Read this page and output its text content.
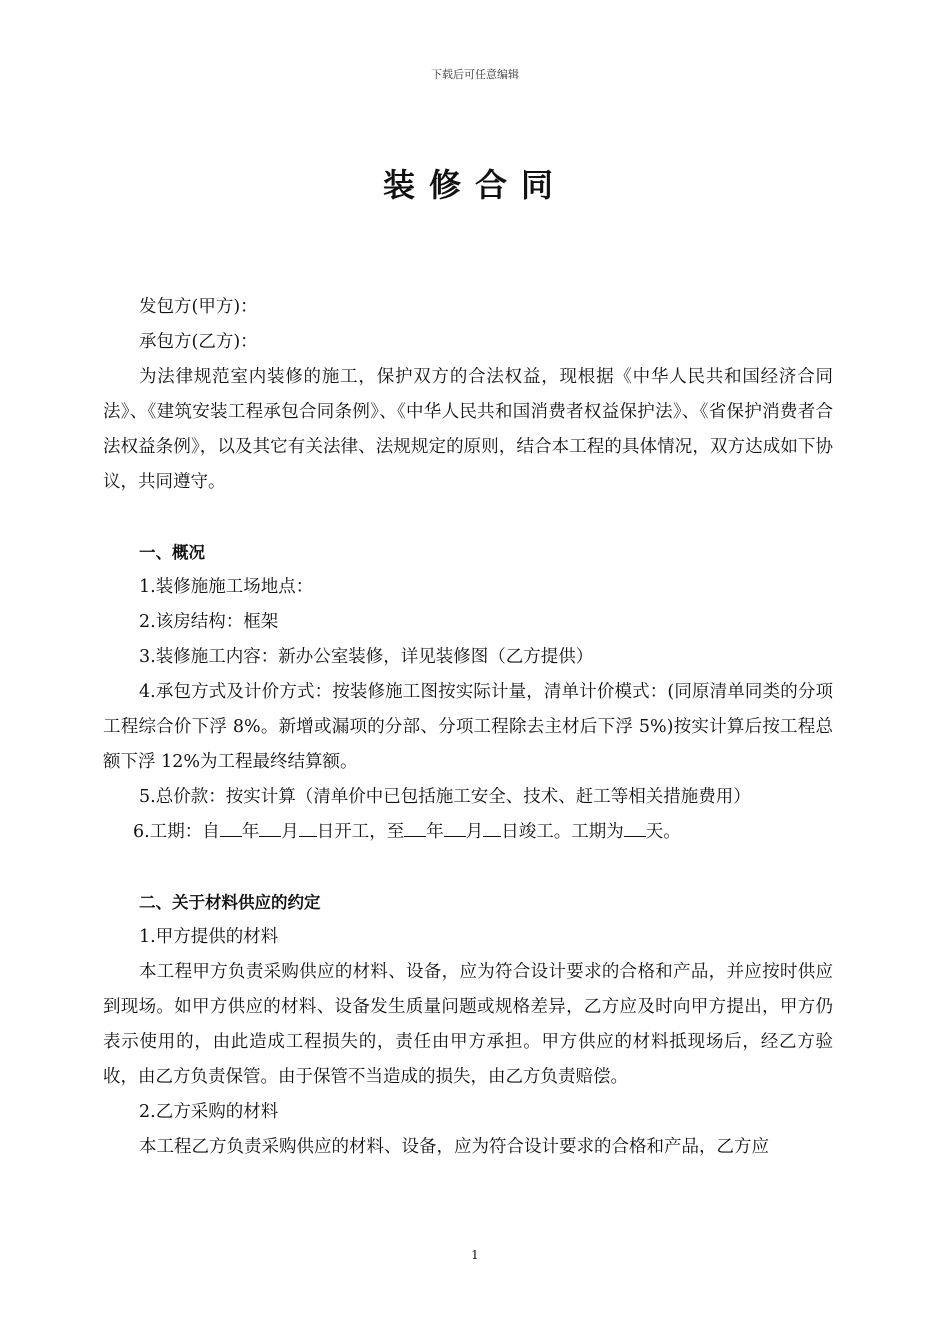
下载后可任意编辑
装修合同

发包方(甲方)：

承包方(乙方)：

为法律规范室内装修的施工，保护双方的合法权益，现根据《中华人民共和国经济合同法》、《建筑安装工程承包合同条例》、《中华人民共和国消费者权益保护法》、《省保护消费者合法权益条例》，以及其它有关法律、法规规定的原则，结合本工程的具体情况，双方达成如下协议，共同遵守。

一、概况

1.装修施施工场地点：

2.该房结构：框架

3.装修施工内容：新办公室装修，详见装修图（乙方提供）

4.承包方式及计价方式：按装修施工图按实际计量，清单计价模式：(同原清单同类的分项工程综合价下浮 8%。新增或漏项的分部、分项工程除去主材后下浮 5%)按实计算后按工程总额下浮 12%为工程最终结算额。

5.总价款：按实计算（清单价中已包括施工安全、技术、赶工等相关措施费用）

6.工期：自 年 月 日开工，至 年 月 日竣工。工期为 天。

二、关于材料供应的约定

1.甲方提供的材料

本工程甲方负责采购供应的材料、设备，应为符合设计要求的合格和产品，并应按时供应到现场。如甲方供应的材料、设备发生质量问题或规格差异，乙方应及时向甲方提出，甲方仍表示使用的，由此造成工程损失的，责任由甲方承担。甲方供应的材料抵现场后，经乙方验收，由乙方负责保管。由于保管不当造成的损失，由乙方负责赔偿。

2.乙方采购的材料

本工程乙方负责采购供应的材料、设备，应为符合设计要求的合格和产品，乙方应

1
